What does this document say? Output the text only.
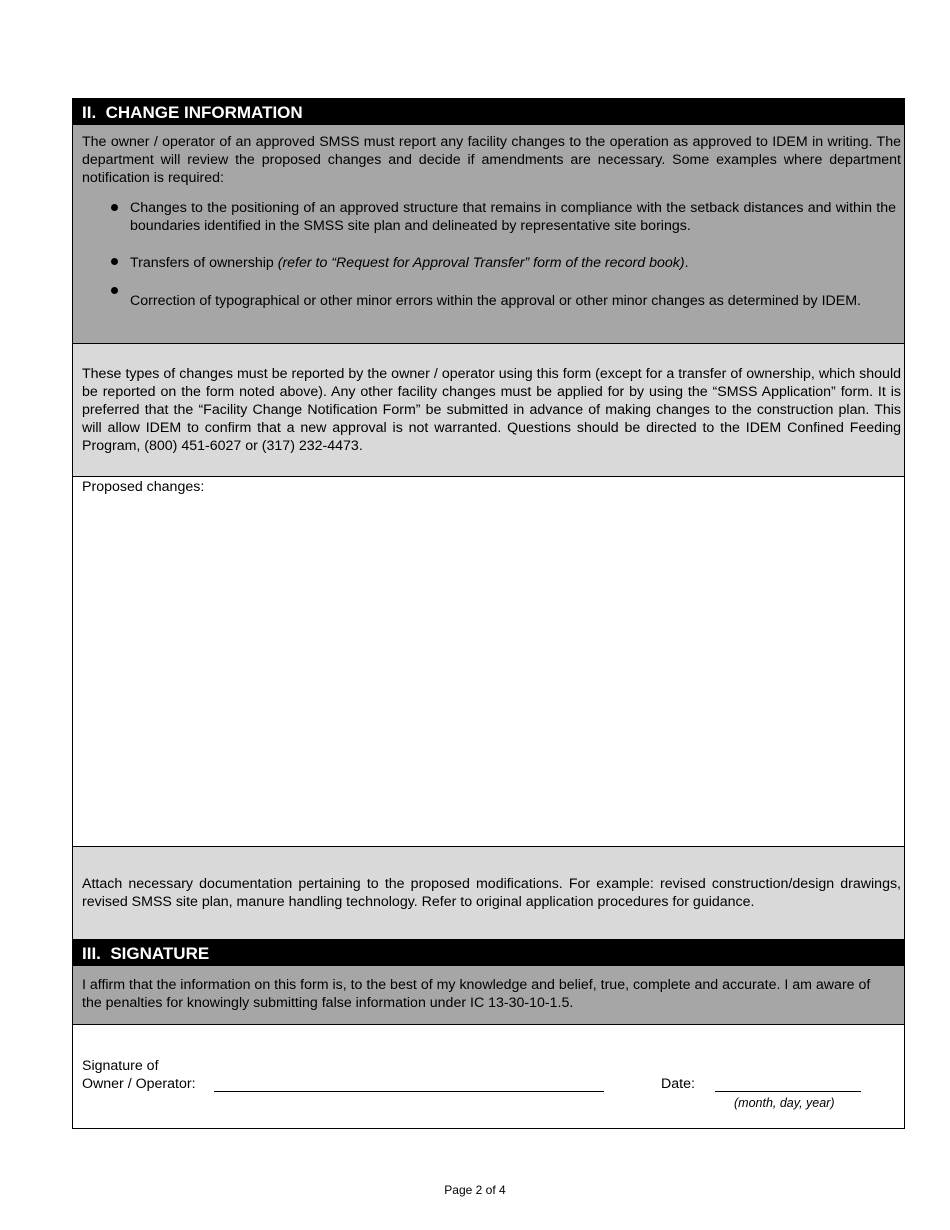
II.  CHANGE INFORMATION

The owner / operator of an approved SMSS must report any facility changes to the operation as approved to IDEM in writing. The department will review the proposed changes and decide if amendments are necessary. Some examples where department notification is required:

Changes to the positioning of an approved structure that remains in compliance with the setback distances and within the boundaries identified in the SMSS site plan and delineated by representative site borings.
Transfers of ownership (refer to “Request for Approval Transfer” form of the record book).
Correction of typographical or other minor errors within the approval or other minor changes as determined by IDEM.

These types of changes must be reported by the owner / operator using this form (except for a transfer of ownership, which should be reported on the form noted above). Any other facility changes must be applied for by using the “SMSS Application” form. It is preferred that the “Facility Change Notification Form” be submitted in advance of making changes to the construction plan. This will allow IDEM to confirm that a new approval is not warranted. Questions should be directed to the IDEM Confined Feeding Program, (800) 451-6027 or (317) 232-4473.

Proposed changes:

Attach necessary documentation pertaining to the proposed modifications. For example: revised construction/design drawings, revised SMSS site plan, manure handling technology. Refer to original application procedures for guidance.

III.  SIGNATURE

I affirm that the information on this form is, to the best of my knowledge and belief, true, complete and accurate. I am aware of the penalties for knowingly submitting false information under IC 13-30-10-1.5.

Signature of
Owner / Operator:	Date:
(month, day, year)
Page 2 of 4
